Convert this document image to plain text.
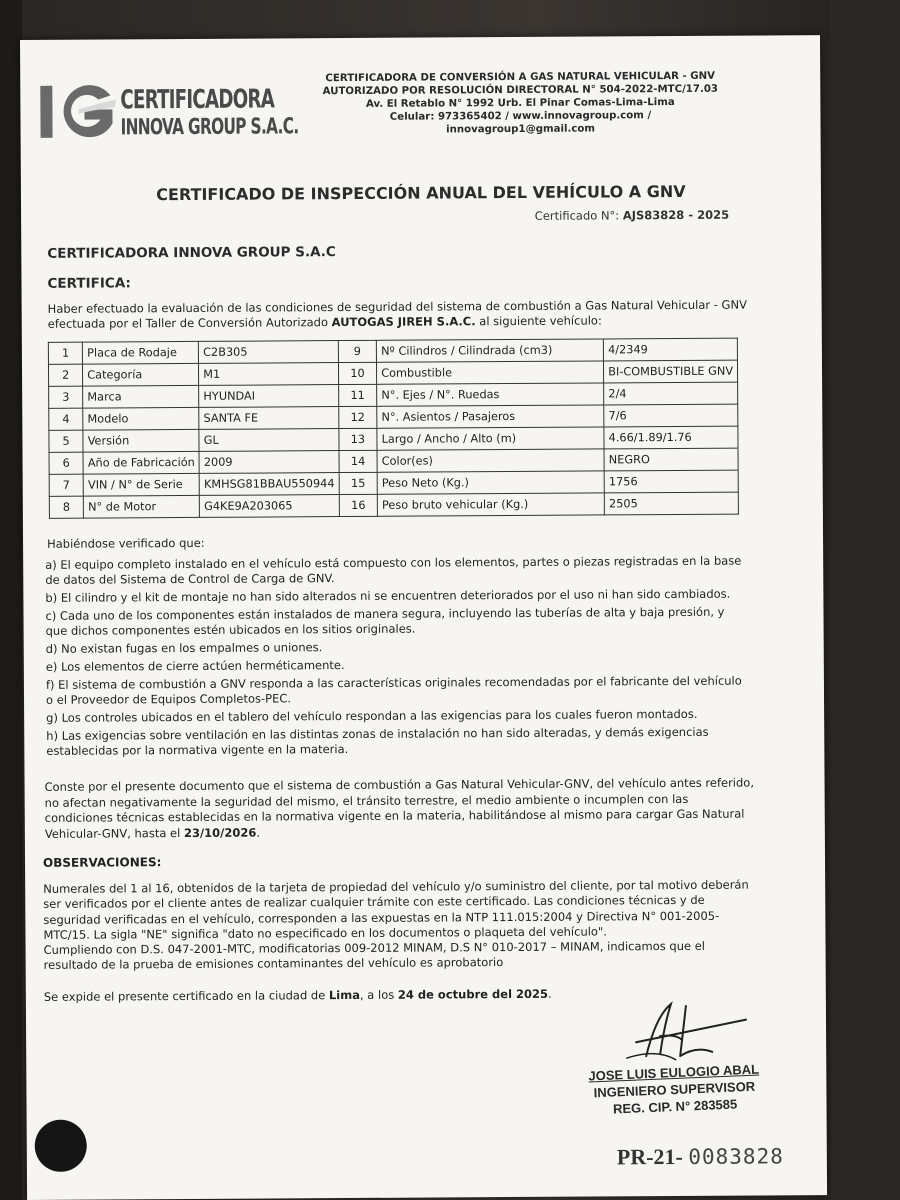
CERTIFICADORA
INNOVA GROUP S.A.C.
CERTIFICADORA DE CONVERSIÓN A GAS NATURAL VEHICULAR - GNV
AUTORIZADO POR RESOLUCIÓN DIRECTORAL N° 504-2022-MTC/17.03
Av. El Retablo N° 1992 Urb. El Pinar Comas-Lima-Lima
Celular: 973365402 / www.innovagroup.com / innovagroup1@gmail.com
CERTIFICADO DE INSPECCIÓN ANUAL DEL VEHÍCULO A GNV
Certificado N°: AJS83828 - 2025
CERTIFICADORA INNOVA GROUP S.A.C
CERTIFICA:
Haber efectuado la evaluación de las condiciones de seguridad del sistema de combustión a Gas Natural Vehicular - GNV efectuada por el Taller de Conversión Autorizado AUTOGAS JIREH S.A.C. al siguiente vehículo:
1	Placa de Rodaje	C2B305	9	Nº Cilindros / Cilindrada (cm3)	4/2349
2	Categoría	M1	10	Combustible	BI-COMBUSTIBLE GNV
3	Marca	HYUNDAI	11	N°. Ejes / N°. Ruedas	2/4
4	Modelo	SANTA FE	12	N°. Asientos / Pasajeros	7/6
5	Versión	GL	13	Largo / Ancho / Alto (m)	4.66/1.89/1.76
6	Año de Fabricación	2009	14	Color(es)	NEGRO
7	VIN / N° de Serie	KMHSG81BBAU550944	15	Peso Neto (Kg.)	1756
8	N° de Motor	G4KE9A203065	16	Peso bruto vehicular (Kg.)	2505
Habiéndose verificado que:

a) El equipo completo instalado en el vehículo está compuesto con los elementos, partes o piezas registradas en la base de datos del Sistema de Control de Carga de GNV.

b) El cilindro y el kit de montaje no han sido alterados ni se encuentren deteriorados por el uso ni han sido cambiados.

c) Cada uno de los componentes están instalados de manera segura, incluyendo las tuberías de alta y baja presión, y que dichos componentes estén ubicados en los sitios originales.

d) No existan fugas en los empalmes o uniones.

e) Los elementos de cierre actúen herméticamente.

f) El sistema de combustión a GNV responda a las características originales recomendadas por el fabricante del vehículo o el Proveedor de Equipos Completos-PEC.

g) Los controles ubicados en el tablero del vehículo respondan a las exigencias para los cuales fueron montados.

h) Las exigencias sobre ventilación en las distintas zonas de instalación no han sido alteradas, y demás exigencias establecidas por la normativa vigente en la materia.

Conste por el presente documento que el sistema de combustión a Gas Natural Vehicular-GNV, del vehículo antes referido, no afectan negativamente la seguridad del mismo, el tránsito terrestre, el medio ambiente o incumplen con las condiciones técnicas establecidas en la normativa vigente en la materia, habilitándose al mismo para cargar Gas Natural Vehicular-GNV, hasta el 23/10/2026.
OBSERVACIONES:

Numerales del 1 al 16, obtenidos de la tarjeta de propiedad del vehículo y/o suministro del cliente, por tal motivo deberán ser verificados por el cliente antes de realizar cualquier trámite con este certificado. Las condiciones técnicas y de seguridad verificadas en el vehículo, corresponden a las expuestas en la NTP 111.015:2004 y Directiva N° 001-2005-MTC/15. La sigla "NE" significa "dato no especificado en los documentos o plaqueta del vehículo".

Cumpliendo con D.S. 047-2001-MTC, modificatorias 009-2012 MINAM, D.S N° 010-2017 – MINAM, indicamos que el resultado de la prueba de emisiones contaminantes del vehículo es aprobatorio

Se expide el presente certificado en la ciudad de Lima, a los 24 de octubre del 2025.
JOSE LUIS EULOGIO ABAL
INGENIERO SUPERVISOR
REG. CIP. N° 283585
PR-21- 0083828
